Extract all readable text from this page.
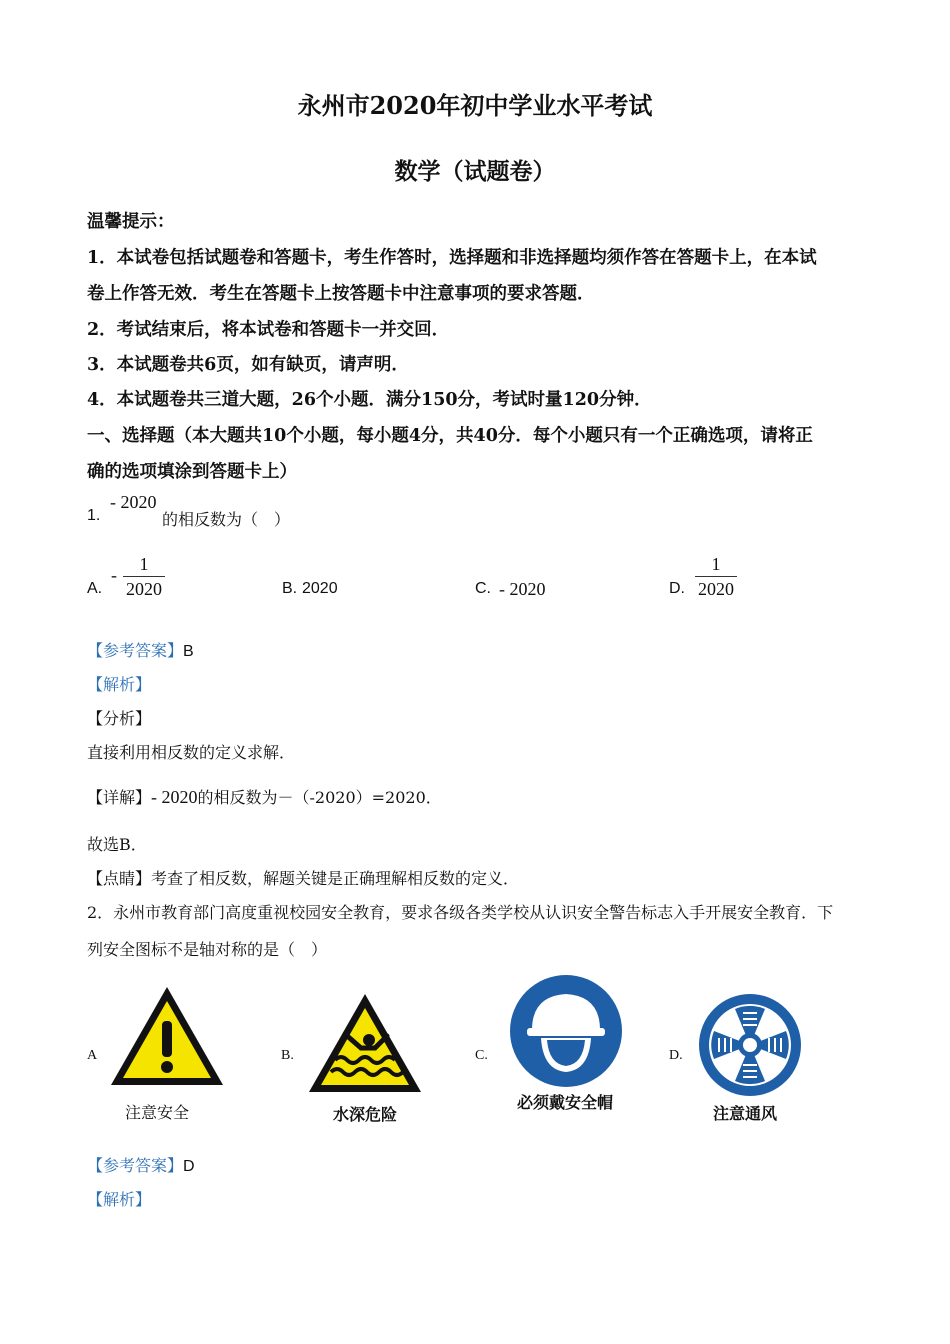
永州市2020年初中学业水平考试
数学（试题卷）
温馨提示：
1．本试卷包括试题卷和答题卡，考生作答时，选择题和非选择题均须作答在答题卡上，在本试
卷上作答无效．考生在答题卡上按答题卡中注意事项的要求答题．
2．考试结束后，将本试卷和答题卡一并交回．
3．本试题卷共6页，如有缺页，请声明．
4．本试题卷共三道大题，26个小题．满分150分，考试时量120分钟．
一、选择题（本大题共10个小题，每小题4分，共40分．每个小题只有一个正确选项，请将正
确的选项填涂到答题卡上）
1.
- 2020
的相反数为（　）
A.
-
1
2020	B. 2020	C. - 2020	D.
1
2020
【参考答案】B
【解析】
【分析】
直接利用相反数的定义求解．
【详解】- 2020的相反数为－（-2020）=2020．
故选B．
【点睛】考查了相反数，解题关键是正确理解相反数的定义．
2．永州市教育部门高度重视校园安全教育，要求各级各类学校从认识安全警告标志入手开展安全教育．下
列安全图标不是轴对称的是（　）
A
注意安全
B.
水深危险
C.
必须戴安全帽
D.
注意通风
【参考答案】D
【解析】
